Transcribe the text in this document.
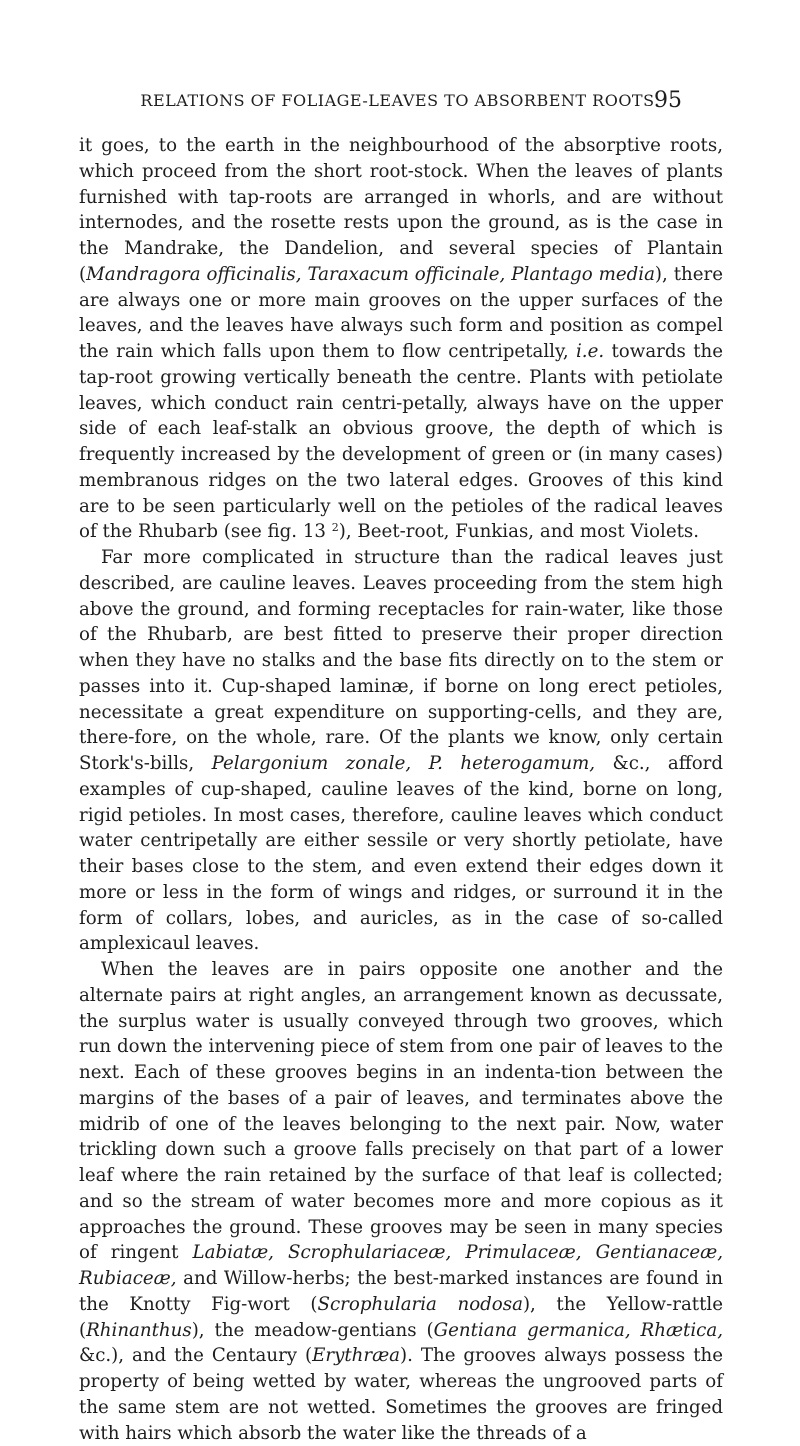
RELATIONS OF FOLIAGE-LEAVES TO ABSORBENT ROOTS.
95

it goes, to the earth in the neighbourhood of the absorptive roots, which proceed from the short root-stock. When the leaves of plants furnished with tap-roots are arranged in whorls, and are without internodes, and the rosette rests upon the ground, as is the case in the Mandrake, the Dandelion, and several species of Plantain (Mandragora officinalis, Taraxacum officinale, Plantago media), there are always one or more main grooves on the upper surfaces of the leaves, and the leaves have always such form and position as compel the rain which falls upon them to flow centripetally, i.e. towards the tap-root growing vertically beneath the centre. Plants with petiolate leaves, which conduct rain centri-petally, always have on the upper side of each leaf-stalk an obvious groove, the depth of which is frequently increased by the development of green or (in many cases) membranous ridges on the two lateral edges. Grooves of this kind are to be seen particularly well on the petioles of the radical leaves of the Rhubarb (see fig. 13 $^2$), Beet-root, Funkias, and most Violets.

Far more complicated in structure than the radical leaves just described, are cauline leaves. Leaves proceeding from the stem high above the ground, and forming receptacles for rain-water, like those of the Rhubarb, are best fitted to preserve their proper direction when they have no stalks and the base fits directly on to the stem or passes into it. Cup-shaped laminæ, if borne on long erect petioles, necessitate a great expenditure on supporting-cells, and they are, there-fore, on the whole, rare. Of the plants we know, only certain Stork's-bills, Pelargonium zonale, P. heterogamum, &c., afford examples of cup-shaped, cauline leaves of the kind, borne on long, rigid petioles. In most cases, therefore, cauline leaves which conduct water centripetally are either sessile or very shortly petiolate, have their bases close to the stem, and even extend their edges down it more or less in the form of wings and ridges, or surround it in the form of collars, lobes, and auricles, as in the case of so-called amplexicaul leaves.

When the leaves are in pairs opposite one another and the alternate pairs at right angles, an arrangement known as decussate, the surplus water is usually conveyed through two grooves, which run down the intervening piece of stem from one pair of leaves to the next. Each of these grooves begins in an indenta-tion between the margins of the bases of a pair of leaves, and terminates above the midrib of one of the leaves belonging to the next pair. Now, water trickling down such a groove falls precisely on that part of a lower leaf where the rain retained by the surface of that leaf is collected; and so the stream of water becomes more and more copious as it approaches the ground. These grooves may be seen in many species of ringent Labiatæ, Scrophulariaceæ, Primulaceæ, Gentianaceæ, Rubiaceæ, and Willow-herbs; the best-marked instances are found in the Knotty Fig-wort (Scrophularia nodosa), the Yellow-rattle (Rhinanthus), the meadow-gentians (Gentiana germanica, Rhætica, &c.), and the Centaury (Erythræa). The grooves always possess the property of being wetted by water, whereas the ungrooved parts of the same stem are not wetted. Sometimes the grooves are fringed with hairs which absorb the water like the threads of a
